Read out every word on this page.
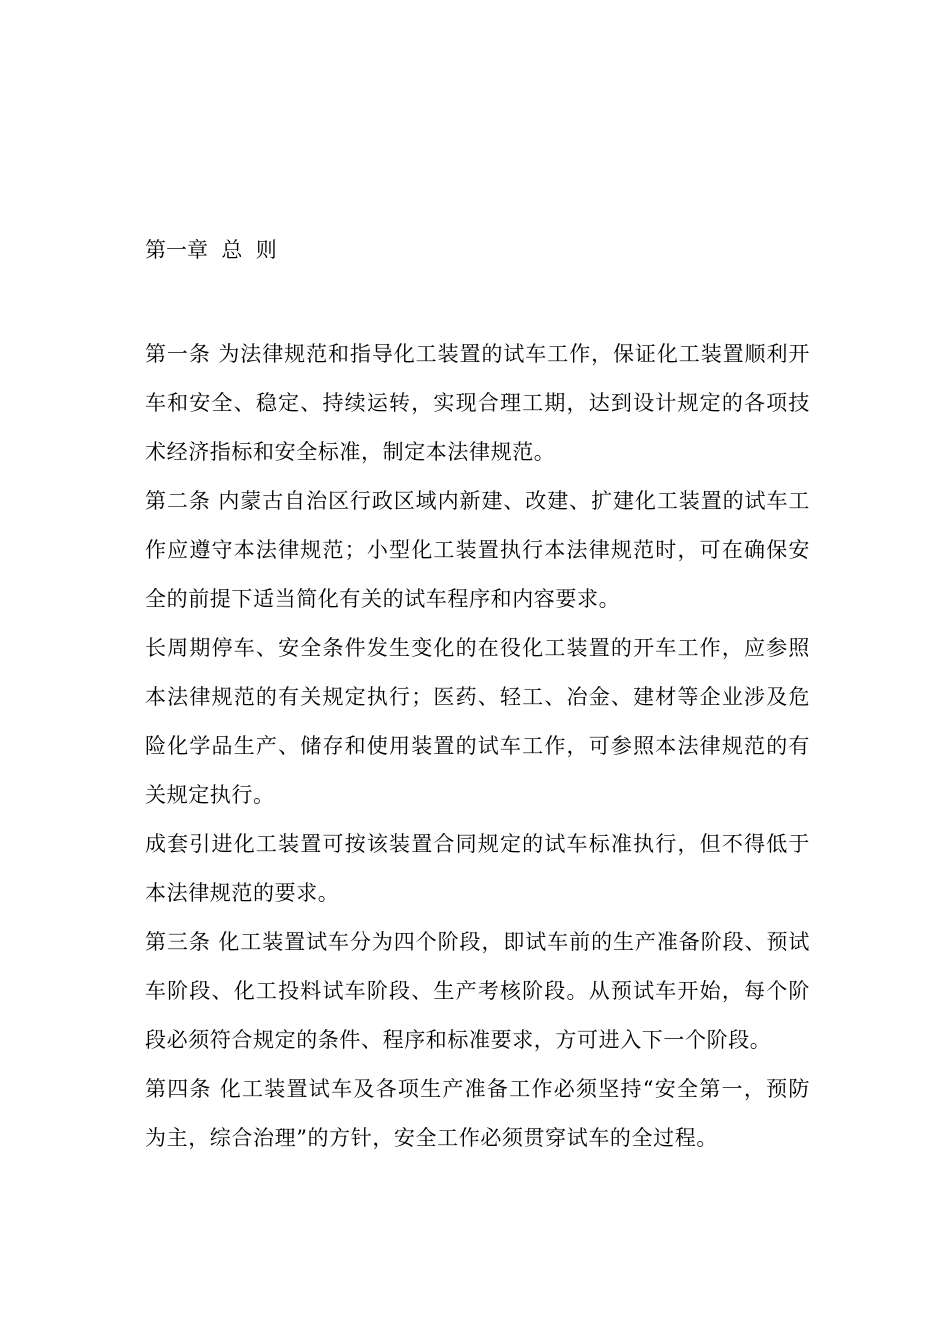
第一章  总  则

第一条 为法律规范和指导化工装置的试车工作，保证化工装置顺利开车和安全、稳定、持续运转，实现合理工期，达到设计规定的各项技术经济指标和安全标准，制定本法律规范。

第二条 内蒙古自治区行政区域内新建、改建、扩建化工装置的试车工作应遵守本法律规范；小型化工装置执行本法律规范时，可在确保安全的前提下适当简化有关的试车程序和内容要求。

长周期停车、安全条件发生变化的在役化工装置的开车工作，应参照本法律规范的有关规定执行；医药、轻工、冶金、建材等企业涉及危险化学品生产、储存和使用装置的试车工作，可参照本法律规范的有关规定执行。

成套引进化工装置可按该装置合同规定的试车标准执行，但不得低于本法律规范的要求。

第三条 化工装置试车分为四个阶段，即试车前的生产准备阶段、预试车阶段、化工投料试车阶段、生产考核阶段。从预试车开始，每个阶段必须符合规定的条件、程序和标准要求，方可进入下一个阶段。

第四条 化工装置试车及各项生产准备工作必须坚持“安全第一，预防为主，综合治理”的方针，安全工作必须贯穿试车的全过程。
